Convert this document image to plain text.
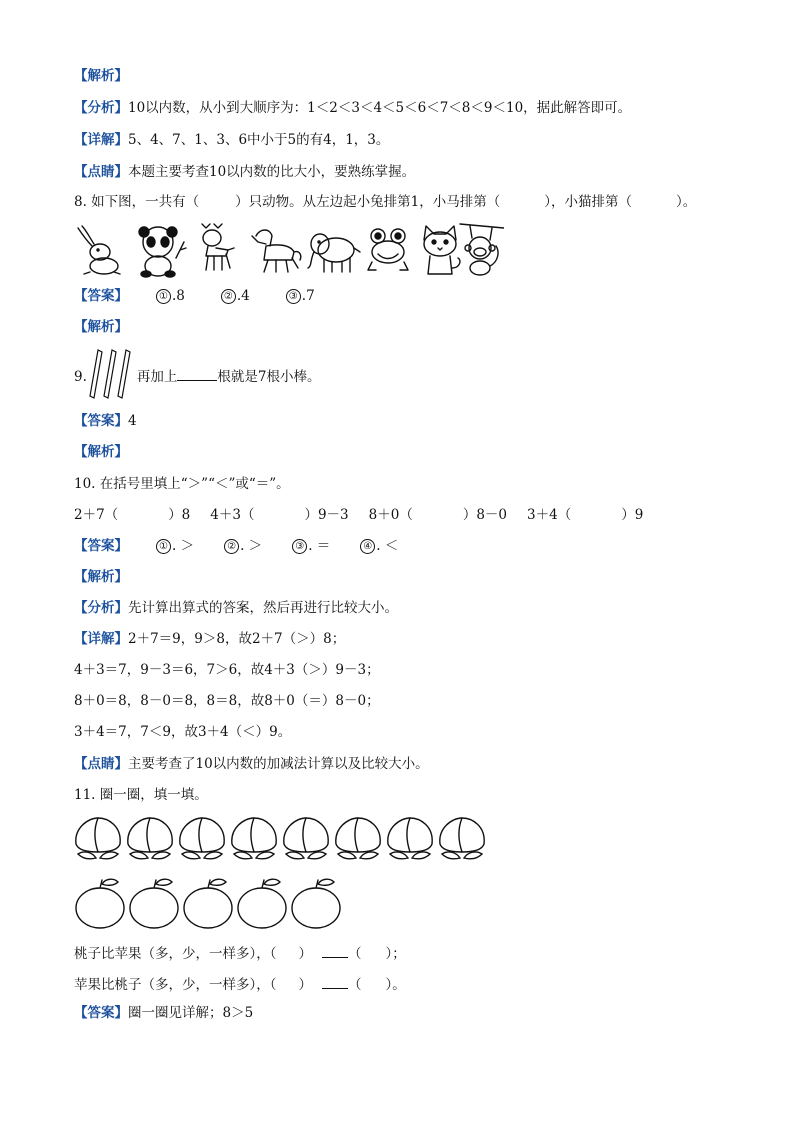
【解析】
【分析】10以内数，从小到大顺序为：1＜2＜3＜4＜5＜6＜7＜8＜9＜10，据此解答即可。
【详解】5、4、7、1、3、6中小于5的有4，1，3。
【点睛】本题主要考查10以内数的比大小，要熟练掌握。
8. 如下图，一共有（	）只动物。从左边起小兔排第1，小马排第（	），小猫排第（	）。
【答案】	① .8	② .4	③ .7
【解析】
9.	再加上	根就是7根小棒。
【答案】4
【解析】
10. 在括号里填上“＞”“＜”或“＝”。
2＋7（	）8 4＋3（	）9－3 8＋0（	）8－0 3＋4（	）9
【答案】	① . ＞	② . ＞	③ . ＝	④ . ＜
【解析】
【分析】先计算出算式的答案，然后再进行比较大小。
【详解】2＋7＝9，9＞8，故2＋7（＞）8；
4＋3＝7，9－3＝6，7＞6，故4＋3（＞）9－3；
8＋0＝8，8－0＝8，8＝8，故8＋0（＝）8－0；
3＋4＝7，7＜9，故3＋4（＜）9。
【点睛】主要考查了10以内数的加减法计算以及比较大小。
11. 圈一圈，填一填。
桃子比苹果（多，少，一样多），（ ）	（ ）；
苹果比桃子（多，少，一样多），（ ）	（ ）。
【答案】圈一圈见详解；8＞5
